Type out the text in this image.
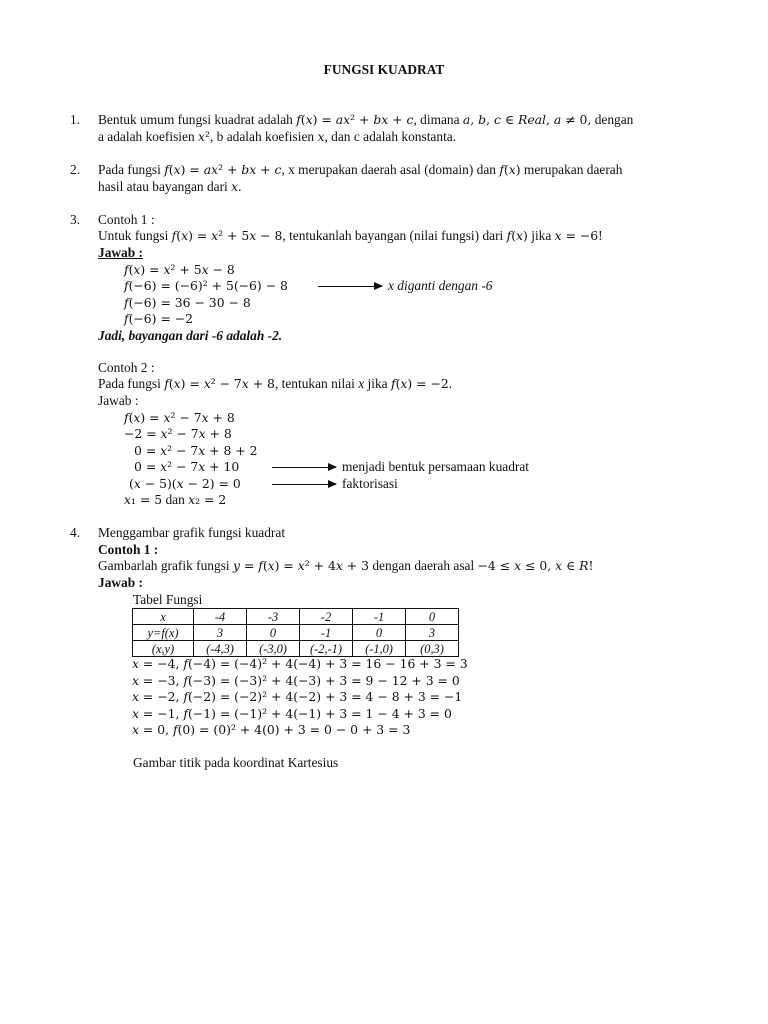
FUNGSI KUADRAT
1. Bentuk umum fungsi kuadrat adalah 𝑓(𝑥) = 𝑎𝑥² + 𝑏𝑥 + 𝑐, dimana 𝑎, 𝑏, 𝑐 ∈ 𝑅𝑒𝑎𝑙, 𝑎 ≠ 0, dengan
a adalah koefisien 𝑥², b adalah koefisien 𝑥, dan c adalah konstanta.
2. Pada fungsi 𝑓(𝑥) = 𝑎𝑥² + 𝑏𝑥 + 𝑐, x merupakan daerah asal (domain) dan 𝑓(𝑥) merupakan daerah
hasil atau bayangan dari 𝑥.
3. Contoh 1 :
Untuk fungsi 𝑓(𝑥) = 𝑥² + 5𝑥 − 8, tentukanlah bayangan (nilai fungsi) dari 𝑓(𝑥) jika 𝑥 = −6!
Jawab :
𝑓(𝑥) = 𝑥² + 5𝑥 − 8
𝑓(−6) = (−6)² + 5(−6) − 8	x diganti dengan -6
𝑓(−6) = 36 − 30 − 8
𝑓(−6) = −2
Jadi, bayangan dari -6 adalah -2.
Contoh 2 :
Pada fungsi 𝑓(𝑥) = 𝑥² − 7𝑥 + 8, tentukan nilai x jika 𝑓(𝑥) = −2.
Jawab :
𝑓(𝑥) = 𝑥² − 7𝑥 + 8
−2 = 𝑥² − 7𝑥 + 8
0 = 𝑥² − 7𝑥 + 8 + 2
0 = 𝑥² − 7𝑥 + 10	menjadi bentuk persamaan kuadrat
(𝑥 − 5)(𝑥 − 2) = 0	faktorisasi
𝑥₁ = 5 dan 𝑥₂ = 2
4. Menggambar grafik fungsi kuadrat
Contoh 1 :
Gambarlah grafik fungsi 𝑦 = 𝑓(𝑥) = 𝑥² + 4𝑥 + 3 dengan daerah asal −4 ≤ 𝑥 ≤ 0, 𝑥 ∈ 𝑅!
Jawab :
Tabel Fungsi
x	-4	-3	-2	-1	0
y=f(x)	3	0	-1	0	3
(x,y)	(-4,3)	(-3,0)	(-2,-1)	(-1,0)	(0,3)
𝑥 = −4, 𝑓(−4) = (−4)² + 4(−4) + 3 = 16 − 16 + 3 = 3
𝑥 = −3, 𝑓(−3) = (−3)² + 4(−3) + 3 = 9 − 12 + 3 = 0
𝑥 = −2, 𝑓(−2) = (−2)² + 4(−2) + 3 = 4 − 8 + 3 = −1
𝑥 = −1, 𝑓(−1) = (−1)² + 4(−1) + 3 = 1 − 4 + 3 = 0
𝑥 = 0, 𝑓(0) = (0)² + 4(0) + 3 = 0 − 0 + 3 = 3
Gambar titik pada koordinat Kartesius
